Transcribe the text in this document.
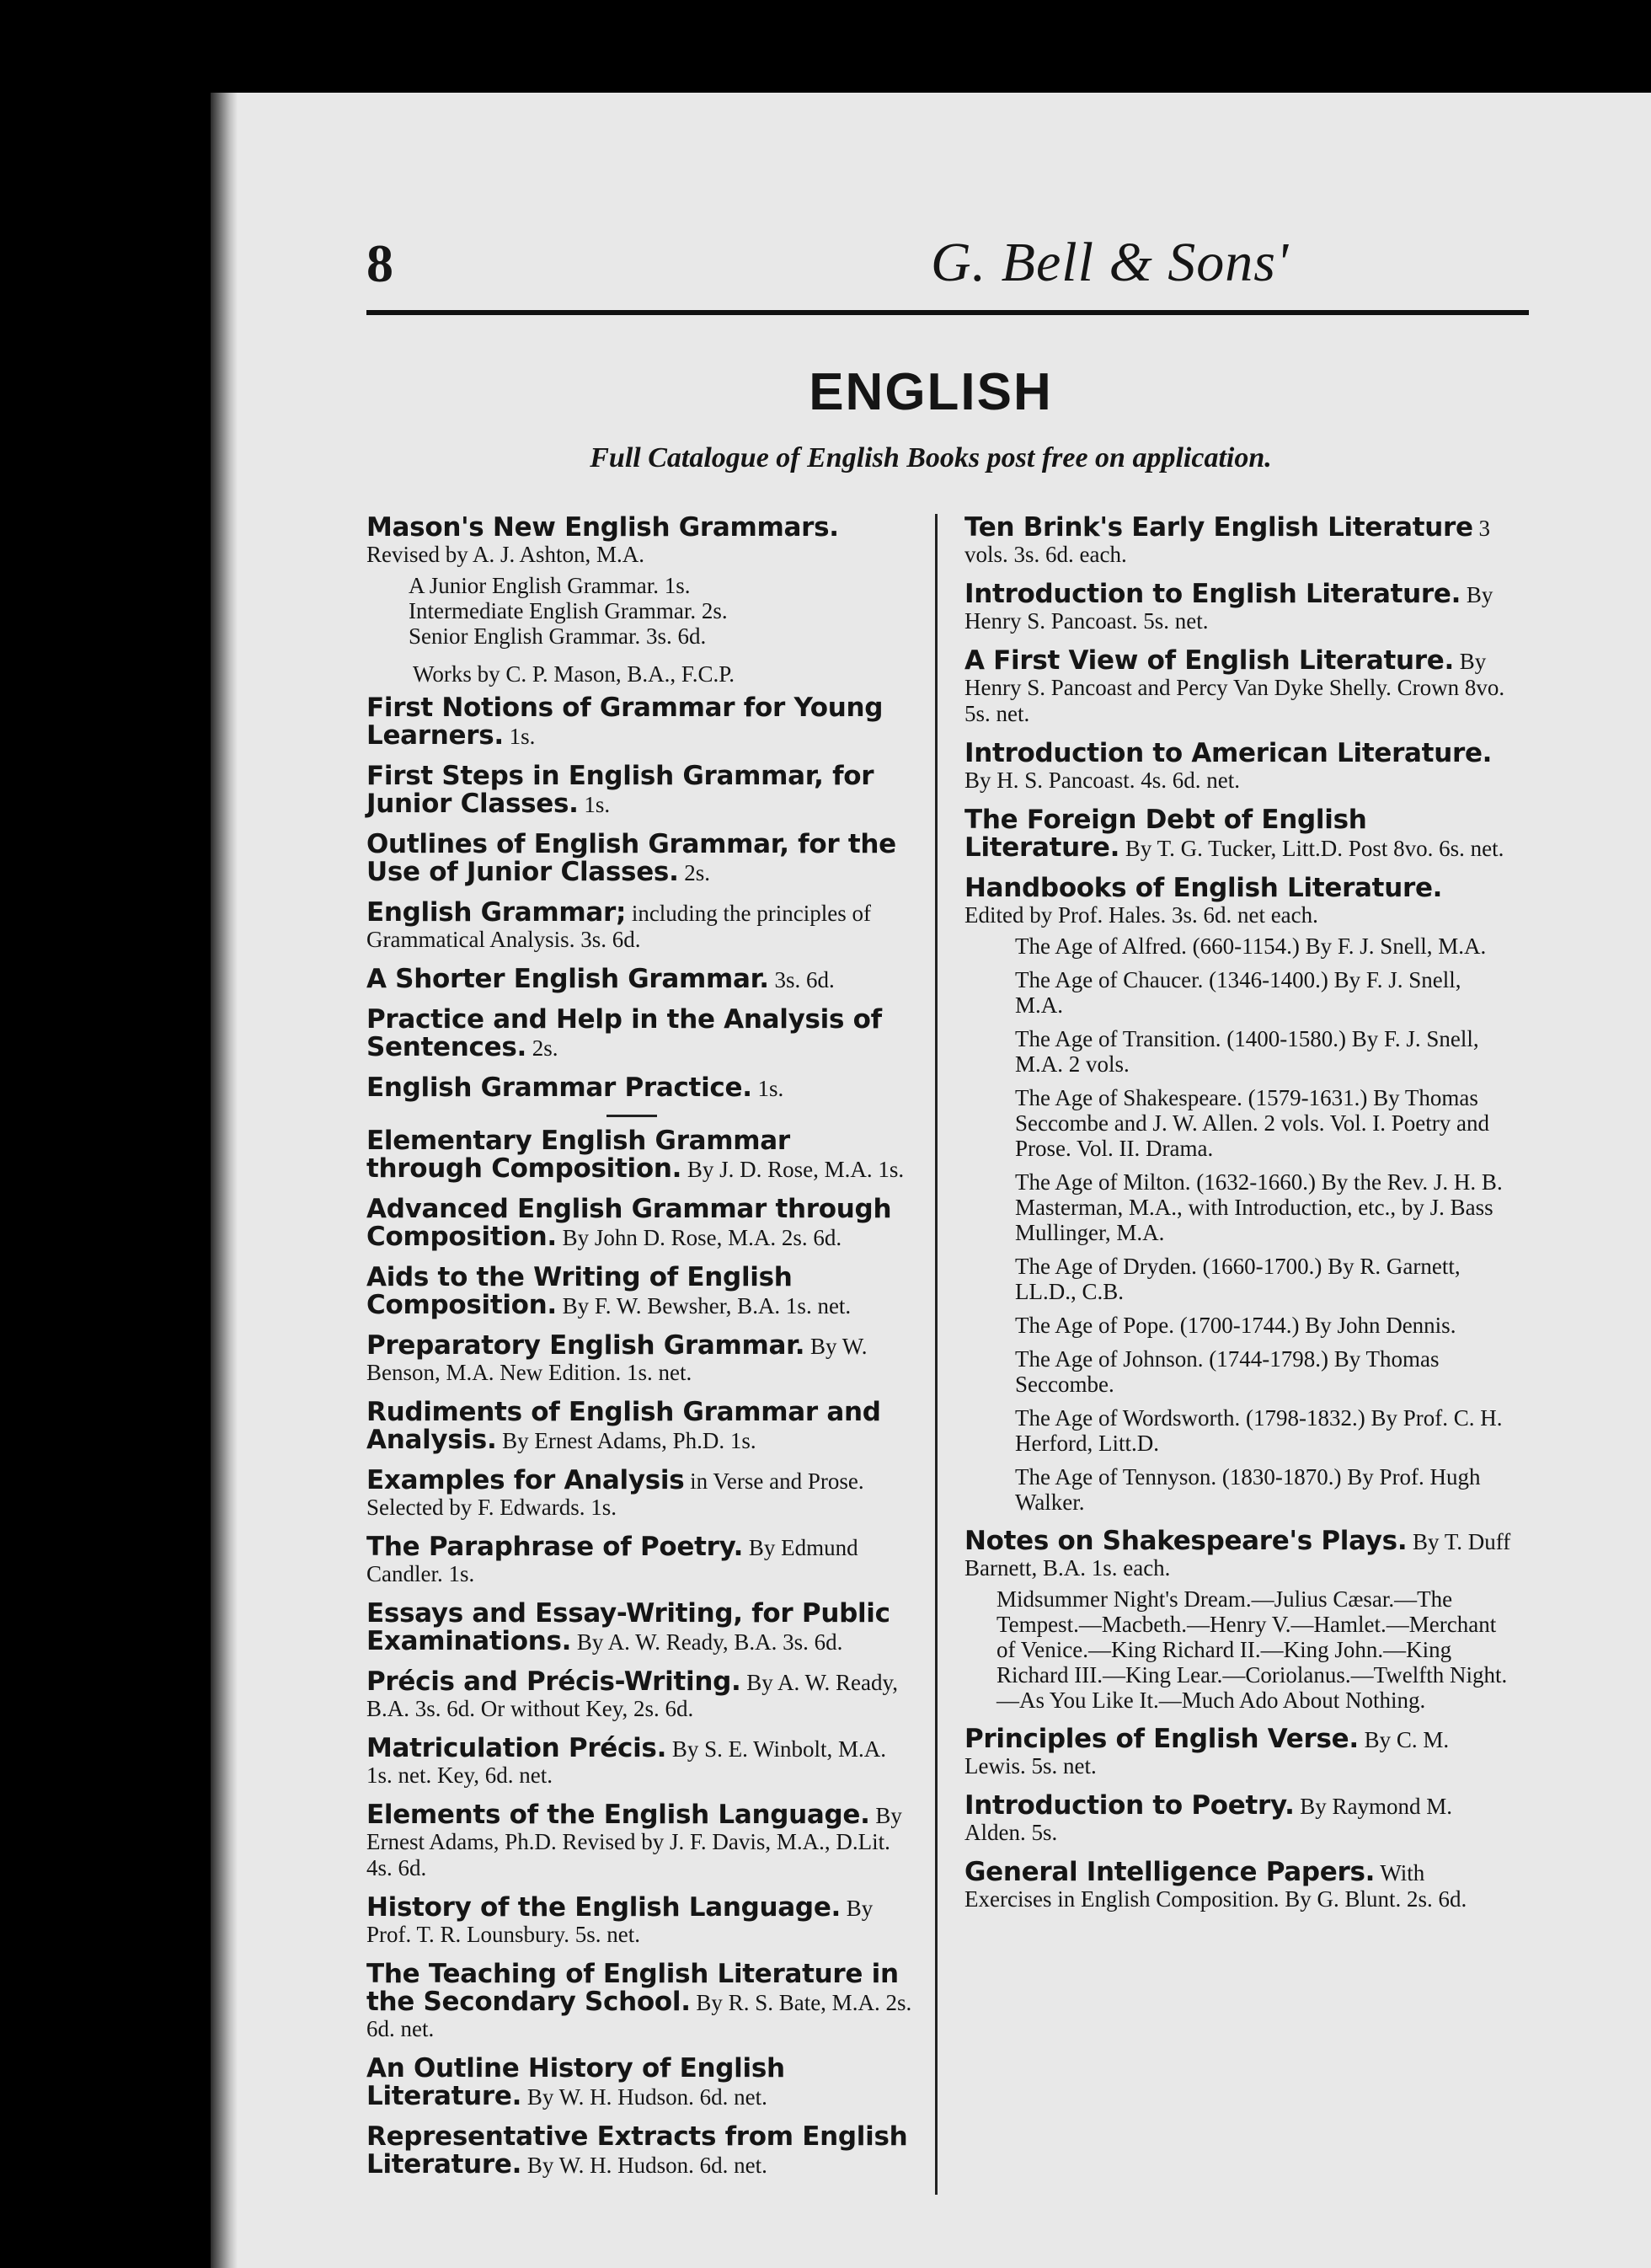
8	G. Bell & Sons'
ENGLISH
Full Catalogue of English Books post free on application.
Mason's New English Grammars. Revised by A. J. Ashton, M.A.
A Junior English Grammar. 1s.
Intermediate English Grammar. 2s.
Senior English Grammar. 3s. 6d.
Works by C. P. Mason, B.A., F.C.P.
First Notions of Grammar for Young Learners. 1s.
First Steps in English Grammar, for Junior Classes. 1s.
Outlines of English Grammar, for the Use of Junior Classes. 2s.
English Grammar; including the principles of Grammatical Analysis. 3s. 6d.
A Shorter English Grammar. 3s. 6d.
Practice and Help in the Analysis of Sentences. 2s.
English Grammar Practice. 1s.
Elementary English Grammar through Composition. By J. D. Rose, M.A. 1s.
Advanced English Grammar through Composition. By John D. Rose, M.A. 2s. 6d.
Aids to the Writing of English Composition. By F. W. Bewsher, B.A. 1s. net.
Preparatory English Grammar. By W. Benson, M.A. New Edition. 1s. net.
Rudiments of English Grammar and Analysis. By Ernest Adams, Ph.D. 1s.
Examples for Analysis in Verse and Prose. Selected by F. Edwards. 1s.
The Paraphrase of Poetry. By Edmund Candler. 1s.
Essays and Essay-Writing, for Public Examinations. By A. W. Ready, B.A. 3s. 6d.
Précis and Précis-Writing. By A. W. Ready, B.A. 3s. 6d. Or without Key, 2s. 6d.
Matriculation Précis. By S. E. Winbolt, M.A. 1s. net. Key, 6d. net.
Elements of the English Language. By Ernest Adams, Ph.D. Revised by J. F. Davis, M.A., D.Lit. 4s. 6d.
History of the English Language. By Prof. T. R. Lounsbury. 5s. net.
The Teaching of English Literature in the Secondary School. By R. S. Bate, M.A. 2s. 6d. net.
An Outline History of English Literature. By W. H. Hudson. 6d. net.
Representative Extracts from English Literature. By W. H. Hudson. 6d. net.
Ten Brink's Early English Literature 3 vols. 3s. 6d. each.
Introduction to English Literature. By Henry S. Pancoast. 5s. net.
A First View of English Literature. By Henry S. Pancoast and Percy Van Dyke Shelly. Crown 8vo. 5s. net.
Introduction to American Literature. By H. S. Pancoast. 4s. 6d. net.
The Foreign Debt of English Literature. By T. G. Tucker, Litt.D. Post 8vo. 6s. net.
Handbooks of English Literature.
Edited by Prof. Hales. 3s. 6d. net each.
The Age of Alfred. (660-1154.) By F. J. Snell, M.A.
The Age of Chaucer. (1346-1400.) By F. J. Snell, M.A.
The Age of Transition. (1400-1580.) By F. J. Snell, M.A. 2 vols.
The Age of Shakespeare. (1579-1631.) By Thomas Seccombe and J. W. Allen. 2 vols. Vol. I. Poetry and Prose. Vol. II. Drama.
The Age of Milton. (1632-1660.) By the Rev. J. H. B. Masterman, M.A., with Introduction, etc., by J. Bass Mullinger, M.A.
The Age of Dryden. (1660-1700.) By R. Garnett, LL.D., C.B.
The Age of Pope. (1700-1744.) By John Dennis.
The Age of Johnson. (1744-1798.) By Thomas Seccombe.
The Age of Wordsworth. (1798-1832.) By Prof. C. H. Herford, Litt.D.
The Age of Tennyson. (1830-1870.) By Prof. Hugh Walker.
Notes on Shakespeare's Plays. By T. Duff Barnett, B.A. 1s. each.
Midsummer Night's Dream.—Julius Cæsar.—The Tempest.—Macbeth.—Henry V.—Hamlet.—Merchant of Venice.—King Richard II.—King John.—King Richard III.—King Lear.—Coriolanus.—Twelfth Night.—As You Like It.—Much Ado About Nothing.
Principles of English Verse. By C. M. Lewis. 5s. net.
Introduction to Poetry. By Raymond M. Alden. 5s.
General Intelligence Papers. With Exercises in English Composition. By G. Blunt. 2s. 6d.
